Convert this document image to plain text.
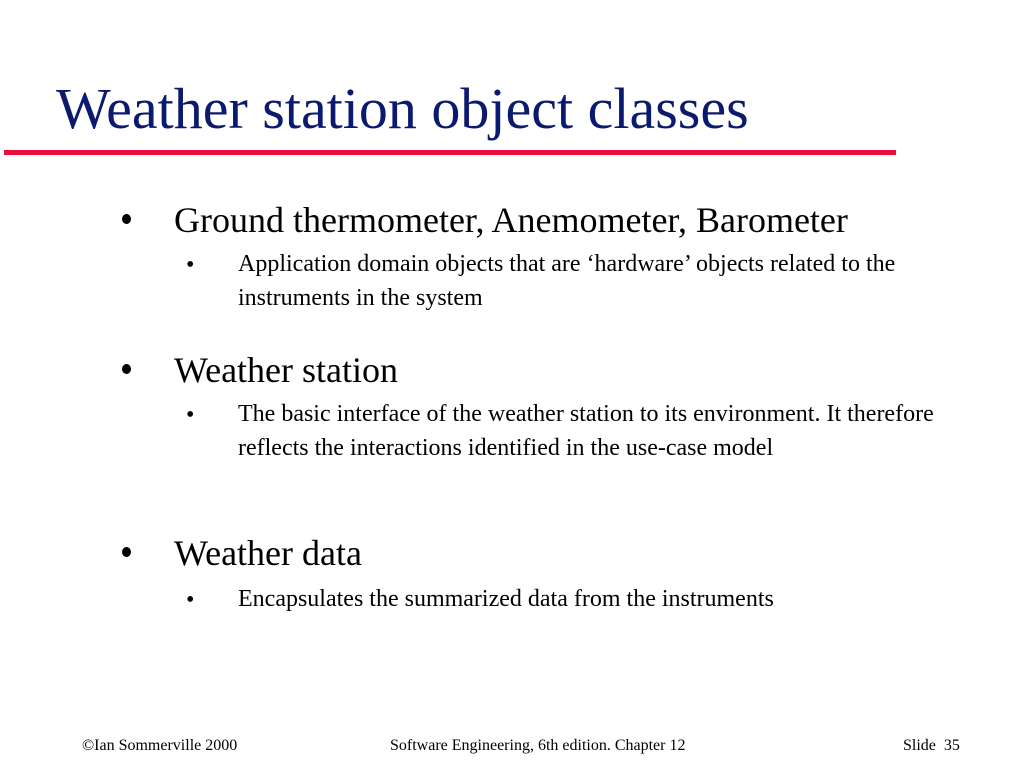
Weather station object classes
Ground thermometer, Anemometer, Barometer
• Application domain objects that are ‘hardware’ objects related to the instruments in the system
Weather station
• The basic interface of the weather station to its environment. It therefore reflects the interactions identified in the use-case model
Weather data
• Encapsulates the summarized data from the instruments
©Ian Sommerville 2000	Software Engineering, 6th edition. Chapter 12	Slide  35
